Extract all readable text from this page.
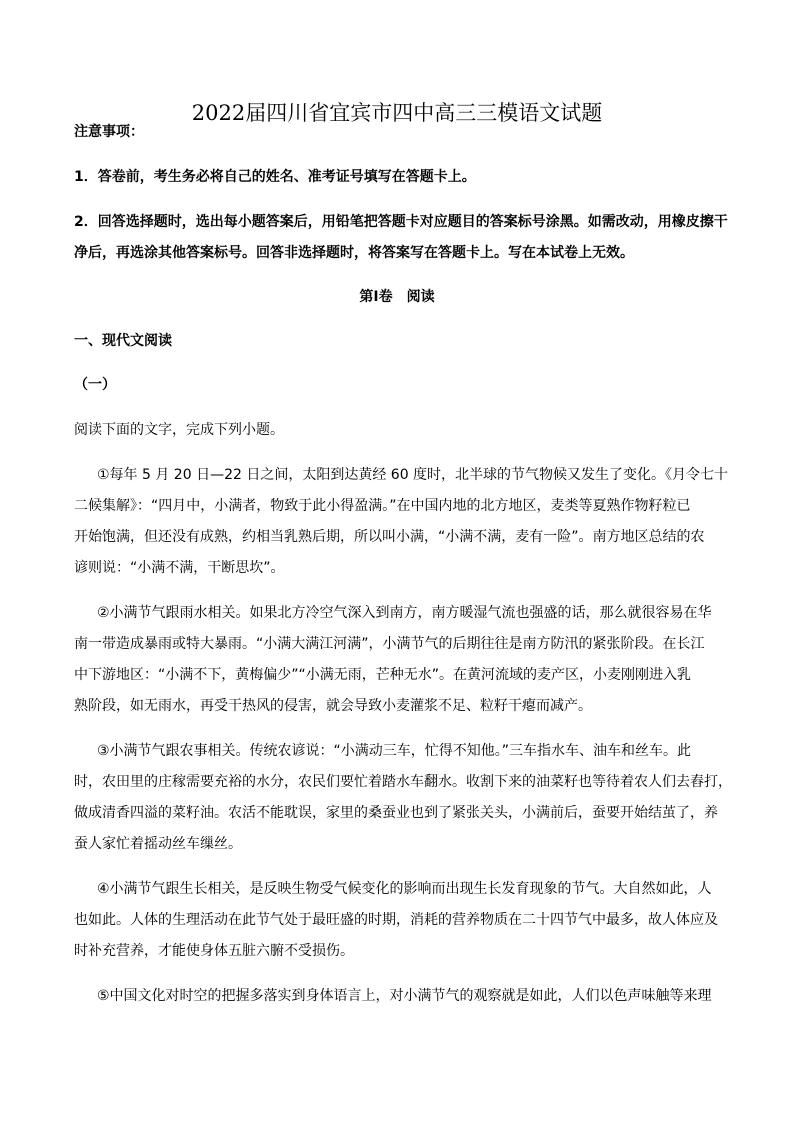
2022届四川省宜宾市四中高三三模语文试题
注意事项：
1．答卷前，考生务必将自己的姓名、准考证号填写在答题卡上。
2．回答选择题时，选出每小题答案后，用铅笔把答题卡对应题目的答案标号涂黑。如需改动，用橡皮擦干
净后，再选涂其他答案标号。回答非选择题时，将答案写在答题卡上。写在本试卷上无效。
第I卷　阅读
一、现代文阅读
（一）
阅读下面的文字，完成下列小题。
①每年 5 月 20 日—22 日之间，太阳到达黄经 60 度时，北半球的节气物候又发生了变化。《月令七十
二候集解》：“四月中，小满者，物致于此小得盈满。”在中国内地的北方地区，麦类等夏熟作物籽粒已
开始饱满，但还没有成熟，约相当乳熟后期，所以叫小满，“小满不满，麦有一险”。南方地区总结的农
谚则说：“小满不满，干断思坎”。
②小满节气跟雨水相关。如果北方冷空气深入到南方，南方暖湿气流也强盛的话，那么就很容易在华
南一带造成暴雨或特大暴雨。“小满大满江河满”，小满节气的后期往往是南方防汛的紧张阶段。在长江
中下游地区：“小满不下，黄梅偏少”“小满无雨，芒种无水”。在黄河流域的麦产区，小麦刚刚进入乳
熟阶段，如无雨水，再受干热风的侵害，就会导致小麦灌浆不足、粒籽干瘪而减产。
③小满节气跟农事相关。传统农谚说：“小满动三车，忙得不知他。”三车指水车、油车和丝车。此
时，农田里的庄稼需要充裕的水分，农民们要忙着踏水车翻水。收割下来的油菜籽也等待着农人们去舂打，
做成清香四溢的菜籽油。农活不能耽误，家里的桑蚕业也到了紧张关头，小满前后，蚕要开始结茧了，养
蚕人家忙着摇动丝车缫丝。
④小满节气跟生长相关，是反映生物受气候变化的影响而出现生长发育现象的节气。大自然如此，人
也如此。人体的生理活动在此节气处于最旺盛的时期，消耗的营养物质在二十四节气中最多，故人体应及
时补充营养，才能使身体五脏六腑不受损伤。
⑤中国文化对时空的把握多落实到身体语言上，对小满节气的观察就是如此，人们以色声味触等来理
